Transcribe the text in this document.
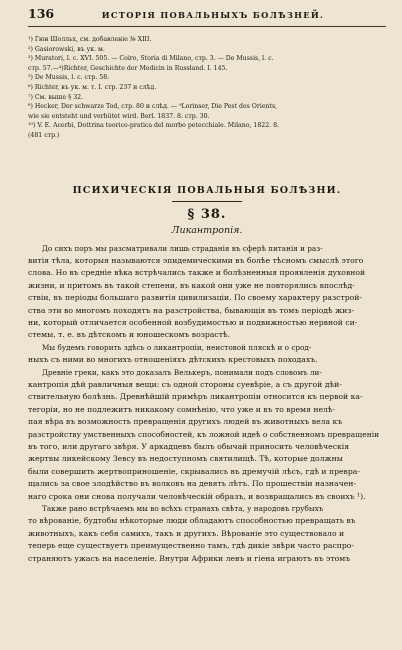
136	ИСТОРІЯ ПОВАЛЬНЫХЪ БОЛѢЗНЕЙ.

¹) Гюн Шолльх, см. добавленіе № XIII.

²) Gasiorowski, въ ук. м.

³) Muratori, l. c. XVI. 505. — Coiro, Storia di Milano, стр. 3. — De Mussis, l. c.

стр. 57.—⁴)Richter, Geschichte der Medicin in Russland. I. 145.

⁵) De Mussis, l. c. стр. 58.

⁶) Richter, въ ук. м. т. I. стр. 237 и слѣд.

⁷) См. выше § 32.

⁸) Hecker, Der schwarze Tod, стр. 80 и слѣд. — ⁹Lorinser, Die Pest des Orients,

wie sie entsteht und verhütet wird. Berl. 1837. 8. стр. 30.

¹⁰) V. E. Acerbi, Dottrina teorico-pratica del morbo petecchiale. Milano, 1822. 8.

(481 стр.)

ПСИХИЧЕСКІЯ ПОВАЛЬНЫЯ БОЛѢЗНИ.
§ 38.
Ликантропія.

До сихъ поръ мы разсматривали лишь страданія въ сферѣ питанія и раз-
витія тѣла, которыя называются эпидемическими въ болѣе тѣсномъ смыслѣ этого
слова. Но въ средніе вѣка встрѣчались также и болѣзненныя проявленія духовной
жизни, и притомъ въ такой степени, въ какой они уже не повторялись впослѣд-
ствіи, въ періоды большаго развитія цивилизаціи. По своему характеру разстрой-
ства эти во многомъ походятъ на разстройства, бывающія въ томъ періодѣ жиз-
ни, который отличается особенной возбудимостью и подвижностью нервной си-
стемы, т. е. въ дѣтскомъ и юношескомъ возрастѣ.
Мы будемъ говорить здѣсь о ликантропіи, неистовой пляскѣ и о срод-
ныхъ съ ними во многихъ отношеніяхъ дѣтскихъ крестовыхъ походахъ.
Древніе греки, какъ это доказалъ Велькеръ, понимали подъ словомъ ли-
кантропія дѣй равличныя вещи: съ одной стороны суевѣріе, а съ другой дѣй-
ствительную болѣзнь. Древнѣйшій примѣръ ликантропіи относится къ первой ка-
тегоріи, но не подлежитъ никакому сомнѣнію, что уже и въ то время нелѣ-
пая вѣра въ возможность превращенія другихъ людей въ животныхъ вела къ
разстройству умственныхъ способностей, къ ложной идеѣ о собственномъ превращеніи
въ того, или другаго звѣря. У аркадцевъ былъ обычай приносить человѣческія
жертвы ликейскому Зевсу въ недоступномъ святилищѣ. Тѣ, которые должны
были совершить жертвоприношеніе, скрывались въ дремучій лѣсъ, гдѣ и превра-
щались за свое злодѣйство въ волковъ на девять лѣтъ. По прошествіи назначен-
наго срока они снова получали человѣческій образъ, и возвращались въ своихъ ¹).
Также рано встрѣчаемъ мы во всѣхъ странахъ свѣта, у народовъ грубыхъ
то вѣрованіе, будтобы нѣкоторые люди обладаютъ способностью превращать въ
животныхъ, какъ себя самихъ, такъ и другихъ. Вѣрованіе это существовало и
теперь еще существуетъ преимущественно тамъ, гдѣ дикіе звѣри часто распро-
страняютъ ужасъ на населеніе. Внутри Африки левъ и гіена играютъ въ этомъ
